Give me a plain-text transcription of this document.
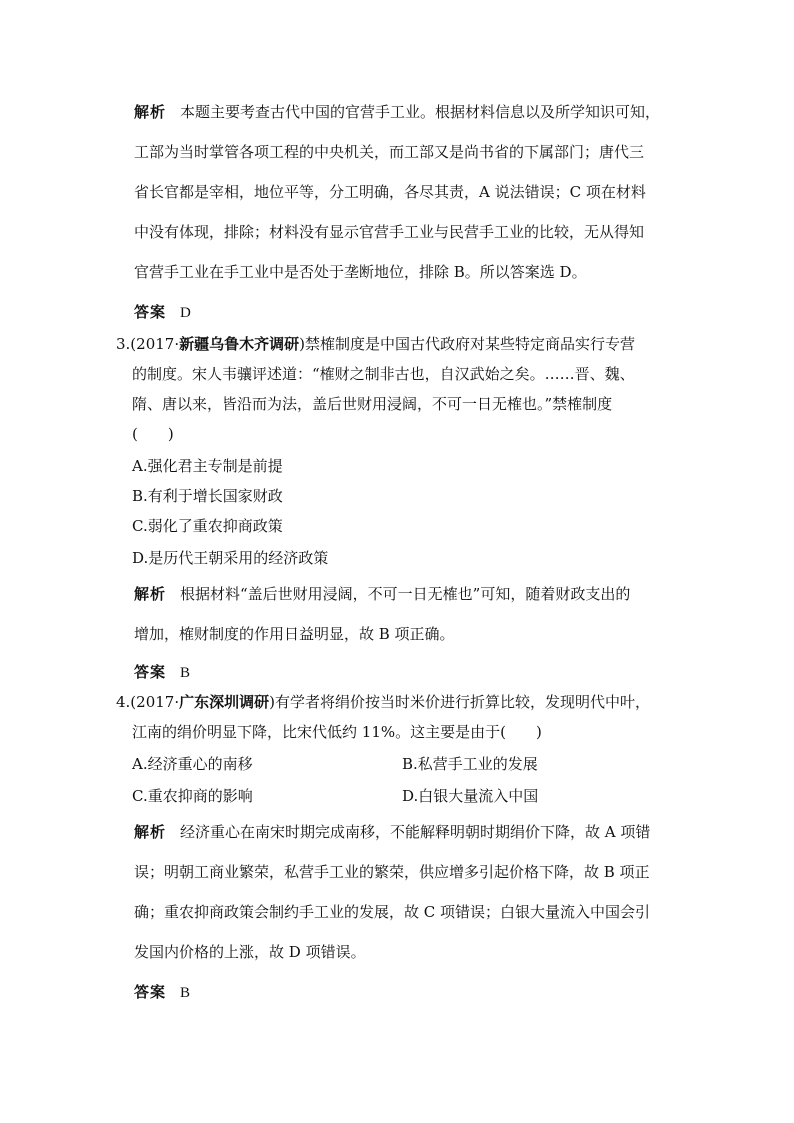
解析 本题主要考查古代中国的官营手工业。根据材料信息以及所学知识可知，
工部为当时掌管各项工程的中央机关，而工部又是尚书省的下属部门；唐代三
省长官都是宰相，地位平等，分工明确，各尽其责，A 说法错误；C 项在材料
中没有体现，排除；材料没有显示官营手工业与民营手工业的比较，无从得知
官营手工业在手工业中是否处于垄断地位，排除 B。所以答案选 D。
答案 D
3.(2017·新疆乌鲁木齐调研)禁榷制度是中国古代政府对某些特定商品实行专营
的制度。宋人韦骧评述道：“榷财之制非古也，自汉武始之矣。……晋、魏、
隋、唐以来，皆沿而为法，盖后世财用浸阔，不可一日无榷也。”禁榷制度
(　　)
A.强化君主专制是前提
B.有利于增长国家财政
C.弱化了重农抑商政策
D.是历代王朝采用的经济政策
解析 根据材料“盖后世财用浸阔，不可一日无榷也”可知，随着财政支出的
增加，榷财制度的作用日益明显，故 B 项正确。
答案 B
4.(2017·广东深圳调研)有学者将绢价按当时米价进行折算比较，发现明代中叶，
江南的绢价明显下降，比宋代低约 11%。这主要是由于(　　)
A.经济重心的南移	B.私营手工业的发展
C.重农抑商的影响	D.白银大量流入中国
解析 经济重心在南宋时期完成南移，不能解释明朝时期绢价下降，故 A 项错
误；明朝工商业繁荣，私营手工业的繁荣，供应增多引起价格下降，故 B 项正
确；重农抑商政策会制约手工业的发展，故 C 项错误；白银大量流入中国会引
发国内价格的上涨，故 D 项错误。
答案 B
